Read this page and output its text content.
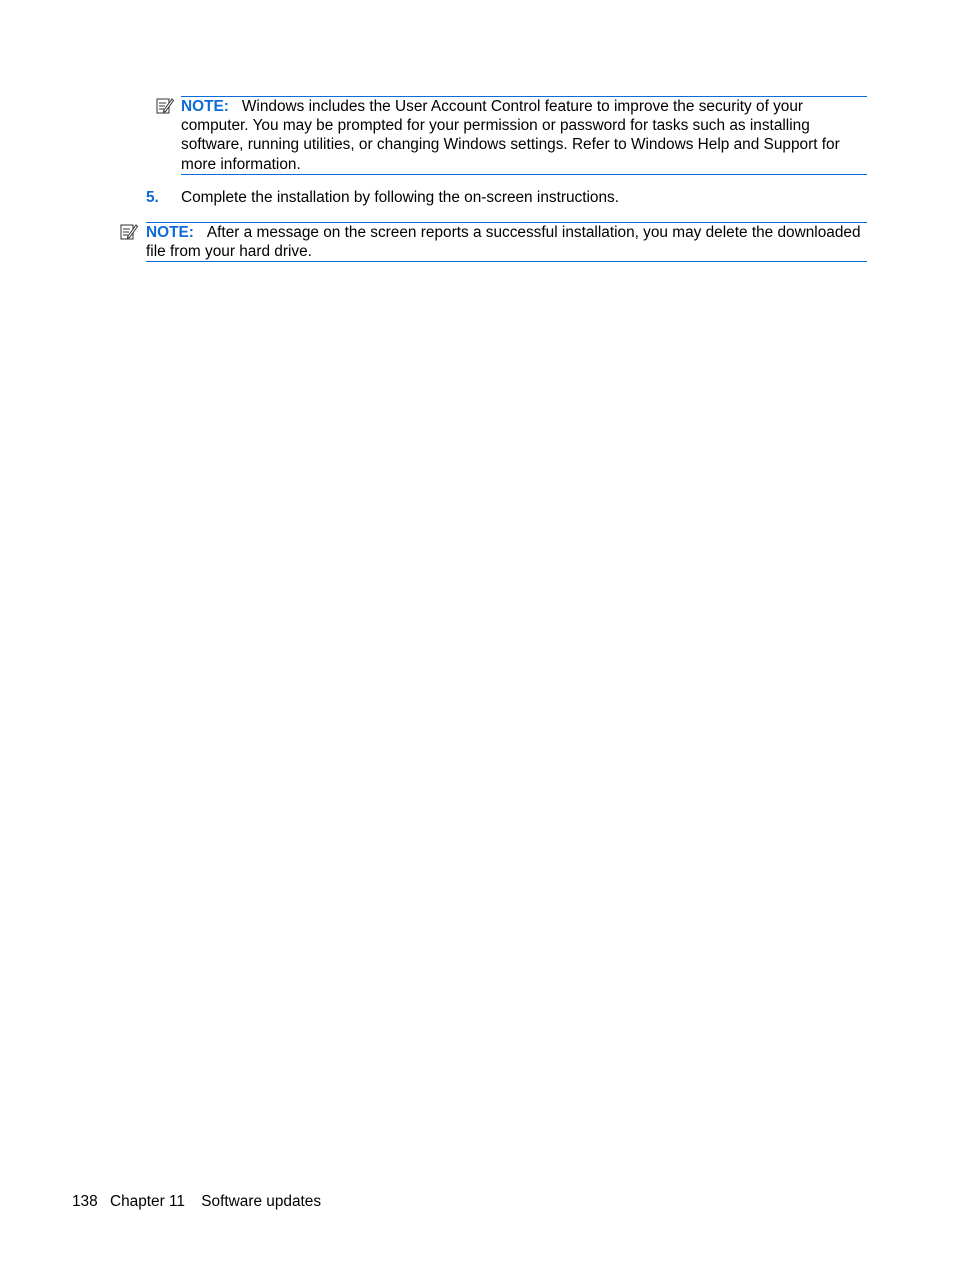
NOTE: Windows includes the User Account Control feature to improve the security of your computer. You may be prompted for your permission or password for tasks such as installing software, running utilities, or changing Windows settings. Refer to Windows Help and Support for more information.

5. Complete the installation by following the on-screen instructions.

NOTE: After a message on the screen reports a successful installation, you may delete the downloaded file from your hard drive.

138 Chapter 11 Software updates
